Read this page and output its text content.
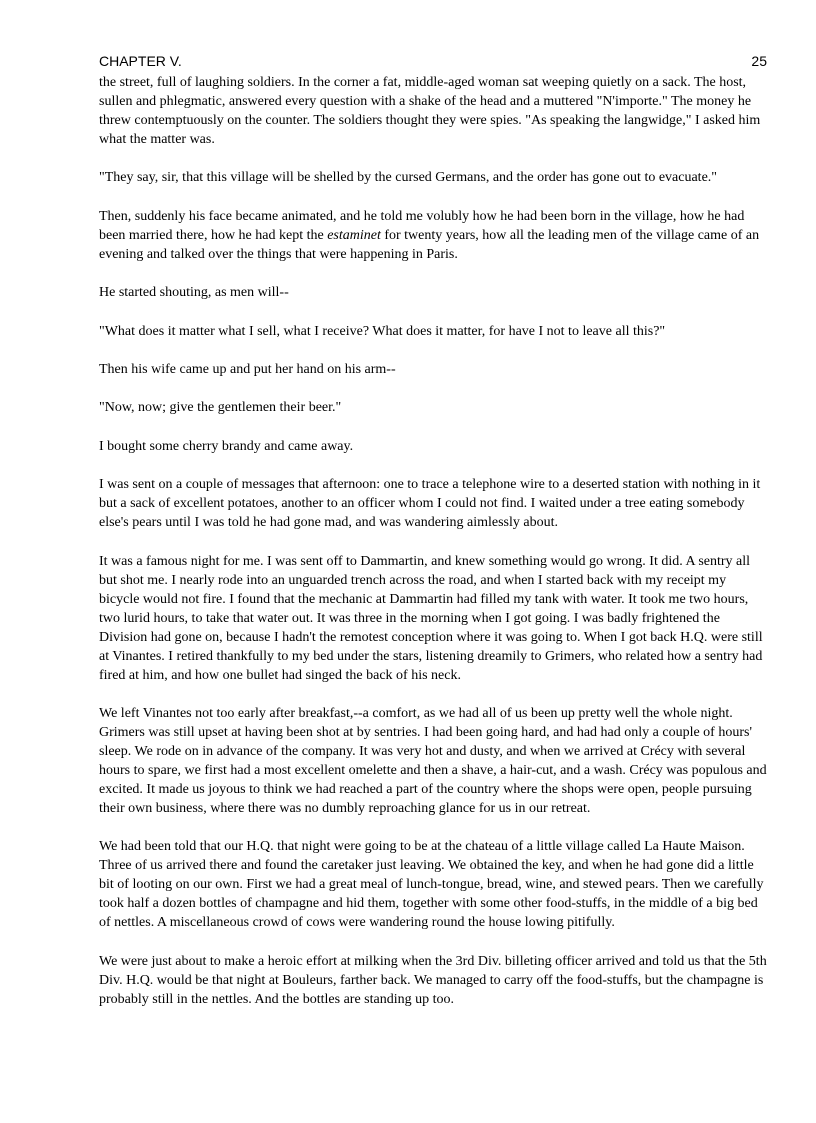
CHAPTER V.	25

the street, full of laughing soldiers. In the corner a fat, middle-aged woman sat weeping quietly on a sack. The host, sullen and phlegmatic, answered every question with a shake of the head and a muttered "N'importe." The money he threw contemptuously on the counter. The soldiers thought they were spies. "As speaking the langwidge," I asked him what the matter was.

"They say, sir, that this village will be shelled by the cursed Germans, and the order has gone out to evacuate."

Then, suddenly his face became animated, and he told me volubly how he had been born in the village, how he had been married there, how he had kept the estaminet for twenty years, how all the leading men of the village came of an evening and talked over the things that were happening in Paris.

He started shouting, as men will--

"What does it matter what I sell, what I receive? What does it matter, for have I not to leave all this?"

Then his wife came up and put her hand on his arm--

"Now, now; give the gentlemen their beer."

I bought some cherry brandy and came away.

I was sent on a couple of messages that afternoon: one to trace a telephone wire to a deserted station with nothing in it but a sack of excellent potatoes, another to an officer whom I could not find. I waited under a tree eating somebody else's pears until I was told he had gone mad, and was wandering aimlessly about.

It was a famous night for me. I was sent off to Dammartin, and knew something would go wrong. It did. A sentry all but shot me. I nearly rode into an unguarded trench across the road, and when I started back with my receipt my bicycle would not fire. I found that the mechanic at Dammartin had filled my tank with water. It took me two hours, two lurid hours, to take that water out. It was three in the morning when I got going. I was badly frightened the Division had gone on, because I hadn't the remotest conception where it was going to. When I got back H.Q. were still at Vinantes. I retired thankfully to my bed under the stars, listening dreamily to Grimers, who related how a sentry had fired at him, and how one bullet had singed the back of his neck.

We left Vinantes not too early after breakfast,--a comfort, as we had all of us been up pretty well the whole night. Grimers was still upset at having been shot at by sentries. I had been going hard, and had had only a couple of hours' sleep. We rode on in advance of the company. It was very hot and dusty, and when we arrived at Crécy with several hours to spare, we first had a most excellent omelette and then a shave, a hair-cut, and a wash. Crécy was populous and excited. It made us joyous to think we had reached a part of the country where the shops were open, people pursuing their own business, where there was no dumbly reproaching glance for us in our retreat.

We had been told that our H.Q. that night were going to be at the chateau of a little village called La Haute Maison. Three of us arrived there and found the caretaker just leaving. We obtained the key, and when he had gone did a little bit of looting on our own. First we had a great meal of lunch-tongue, bread, wine, and stewed pears. Then we carefully took half a dozen bottles of champagne and hid them, together with some other food-stuffs, in the middle of a big bed of nettles. A miscellaneous crowd of cows were wandering round the house lowing pitifully.

We were just about to make a heroic effort at milking when the 3rd Div. billeting officer arrived and told us that the 5th Div. H.Q. would be that night at Bouleurs, farther back. We managed to carry off the food-stuffs, but the champagne is probably still in the nettles. And the bottles are standing up too.
